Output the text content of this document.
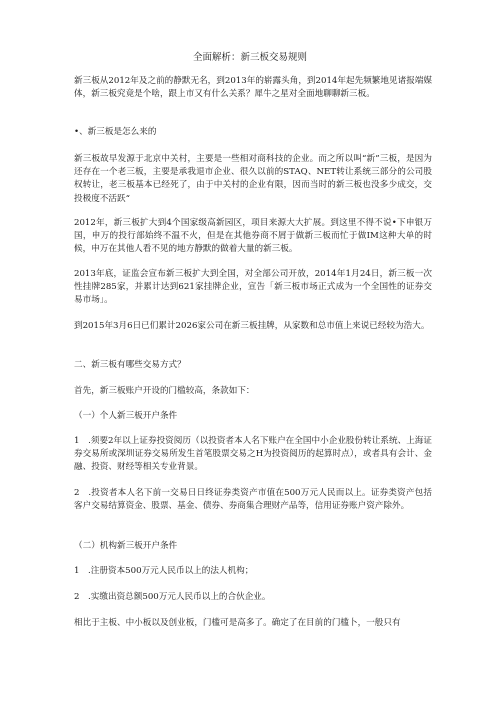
全面解析：新三板交易规则

新三板从2012年及之前的静默无名，到2013年的崭露头角，到2014年起先频繁地见诸报端媒体，新三板究竟是个啥，跟上市又有什么关系？犀牛之星对全面地聊聊新三板。

•、新三板是怎么来的

新三板故早发源于北京中关村，主要是一些相对商科技的企业。而之所以叫“新”三板，是因为还存在一个老三板，主要是承我退市企业、很久以前的STAQ、NET转让系统三部分的公司股权转让，老三板基本已经死了，由于中关村的企业有限，因而当时的新三板也没多少成交，交投极度不活跃“

2012年，新三板扩大到4个国家级高新园区，项目来源大大扩展。到这里不得不说•下申银万国，申万的投行部始终不温不火，但是在其他券商不屑于做新三板而忙于做IM这种大单的时候，申万在其他人看不见的地方静默的做着大量的新三板。

2013年底，证监会宣布新三板扩大到全国，对全部公司开放，2014年1月24日，新三板一次性挂牌285家，并累计达到621家挂牌企业，宣告「新三板市场正式成为一个全国性的证券交易市场」。

到2015年3月6日已们累计2026家公司在新三板挂牌，从家数和总市值上来说已经较为浩大。

二、新三板有哪些交易方式？

首先，新三板账户开设的门槛较高，条款如下：

（一）个人新三板开户条件

1　.须要2年以上证券投资阅历（以投资者本人名下账户在全国中小企业股份转让系统、上海证券交易所或深圳证券交易所发生首笔股票交易之H为投资阅历的起算时点），或者具有会计、金融、投资、财经等相关专业背景。

2　.投资者本人名下前一交易日日终证券类资产市值在500万元人民而以上。证券类资产包括客户交易结算资金、股票、基金、债券、券商集合理财产品等，信用证券账户资产除外。

（二）机构新三板开户条件

1　.注册资本500万元人民币以上的法人机构；

2　.实缴出资总额500万元人民币以上的合伙企业。

相比于主板、中小板以及创业板，门槛可是高多了。确定了在目前的门槛卜，一般只有
